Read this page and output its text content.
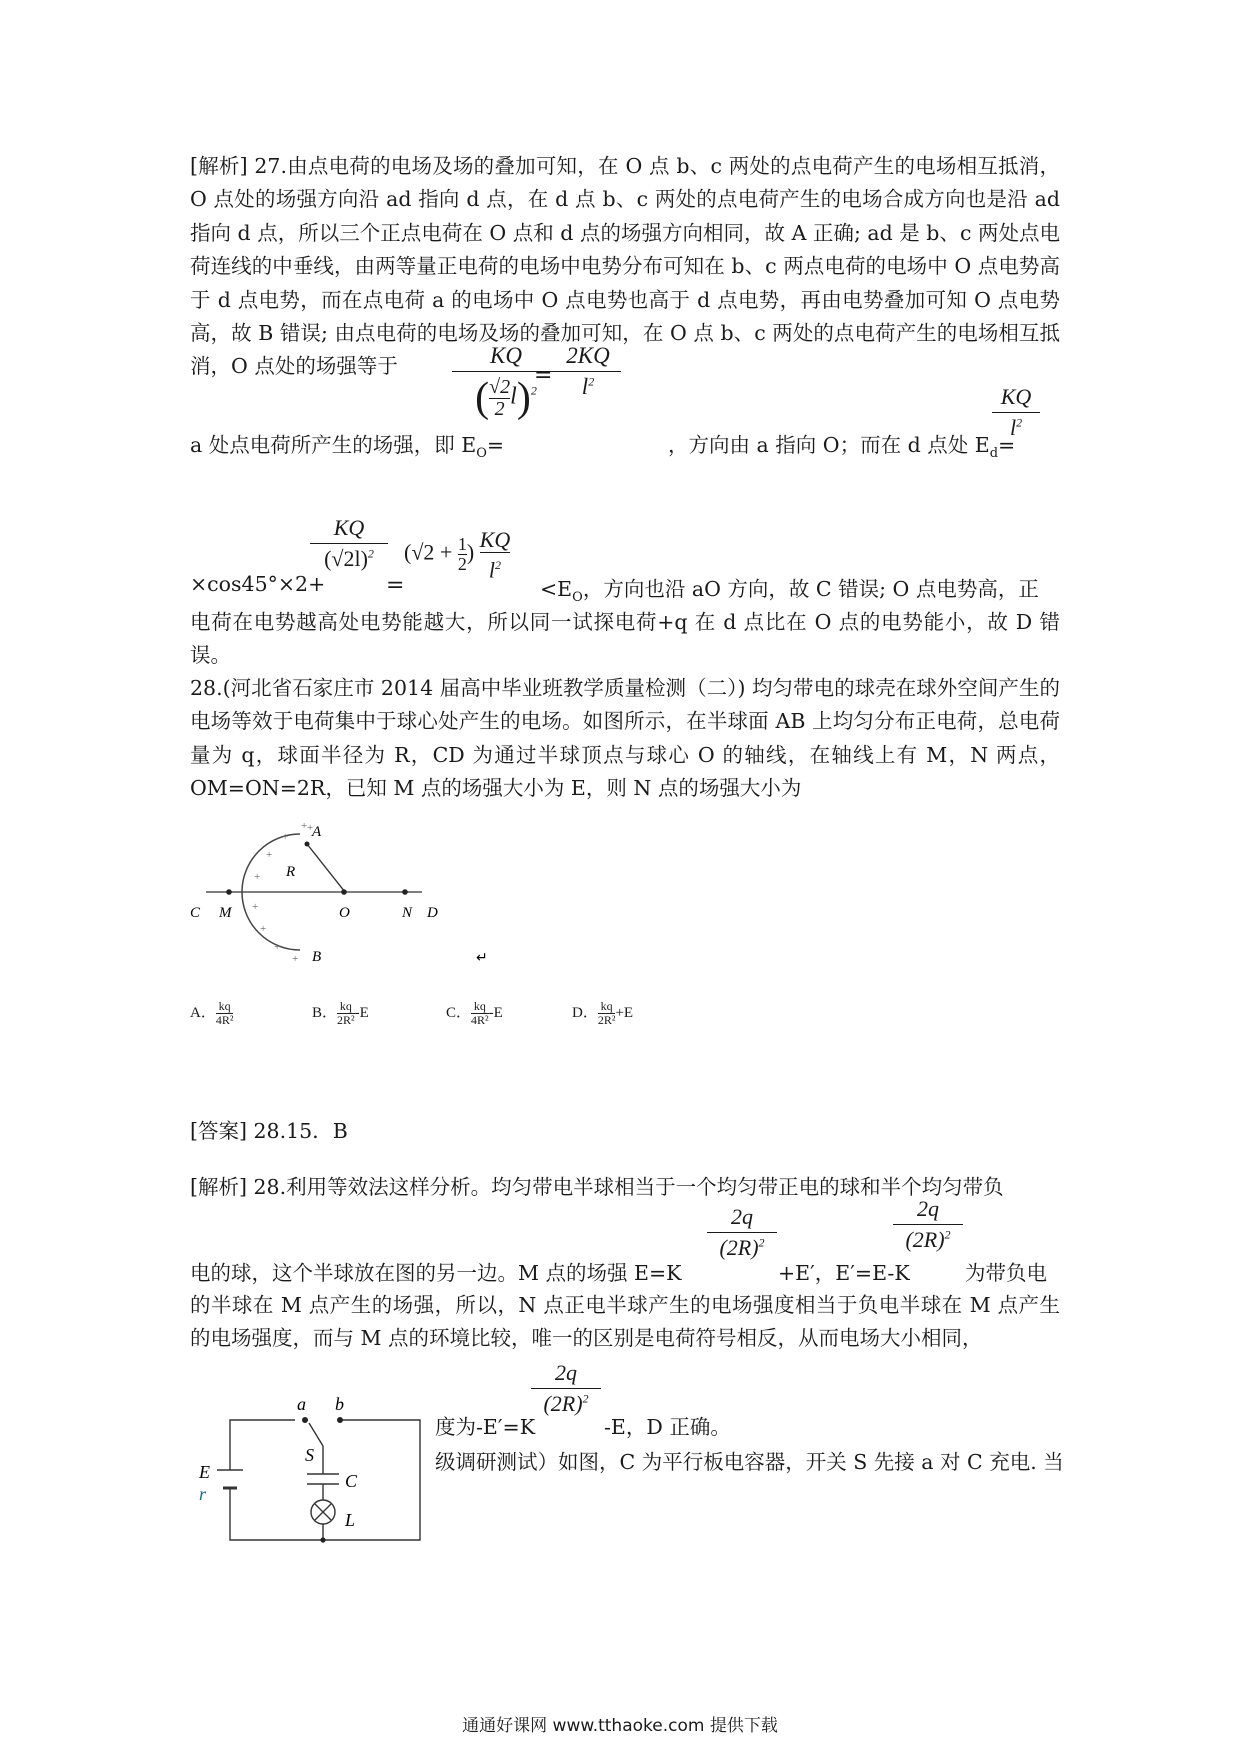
[解析] 27.由点电荷的电场及场的叠加可知，在 O 点 b、c 两处的点电荷产生的电场相互抵消，O 点处的场强方向沿 ad 指向 d 点，在 d 点 b、c 两处的点电荷产生的电场合成方向也是沿 ad 指向 d 点，所以三个正点电荷在 O 点和 d 点的场强方向相同，故 A 正确; ad 是 b、c 两处点电荷连线的中垂线，由两等量正电荷的电场中电势分布可知在 b、c 两点电荷的电场中 O 点电势高于 d 点电势，而在点电荷 a 的电场中 O 点电势也高于 d 点电势，再由电势叠加可知 O 点电势高，故 B 错误; 由点电荷的电场及场的叠加可知，在 O 点 b、c 两处的点电荷产生的电场相互抵消，O 点处的场强等于	KQ
( $\frac{√2}{2} l)^2$
=
2KQ
$l^2$
a 处点电荷所产生的场强，即 $E_O=$	，方向由 a 指向 O；而在 d 点处 $E_d=$
KQ
$l^2$
KQ
$(√2l)^2$	($√2 + \frac{1}{2}$ ) $\frac{KQ}{l^2}$
=
×cos45°×2+	$<E_O$，方向也沿 aO 方向，故 C 错误; O 点电势高，正

电荷在电势越高处电势能越大，所以同一试探电荷+q 在 d 点比在 O 点的电势能小，故 D 错误。

28.(河北省石家庄市 2014 届高中毕业班教学质量检测（二）) 均匀带电的球壳在球外空间产生的电场等效于电荷集中于球心处产生的电场。如图所示，在半球面 AB 上均匀分布正电荷，总电荷量为 q，球面半径为 R，CD 为通过半球顶点与球心 O 的轴线，在轴线上有 M，N 两点，OM=ON=2R，已知 M 点的场强大小为 E，则 N 点的场强大小为

+
+
+
+
+
+
+
+
+
A
B
C M	O
R
N D
↵
A． $\frac{kq}{\text{4R²}}$	B． $\frac{kq}{\text{2R²}}-E$	C． $\frac{kq}{\text{4R²}}-E$	D． $\frac{kq}{\text{2R²}}+E$
[答案] 28.15．B
[解析] 28.利用等效法这样分析。均匀带电半球相当于一个均匀带正电的球和半个均匀带负
2q
$(2R)^2$
2q
$(2R)^2$
电的球，这个半球放在图的另一边。M 点的场强 E=K	+E′，E′=E-K	为带负电

的半球在 M 点产生的场强，所以，N 点正电半球产生的电场强度相当于负电半球在 M 点产生的电场强度，而与 M 点的环境比较，唯一的区别是电荷符号相反，从而电场大小相同，

2q
$(2R)^2$
度为-E′=K	-E，D 正确。
级调研测试）如图，C 为平行板电容器，开关 S 先接 a 对 C 充电. 当
a b
S
C
L
E
r
通通好课网 www.tthaoke.com 提供下载
